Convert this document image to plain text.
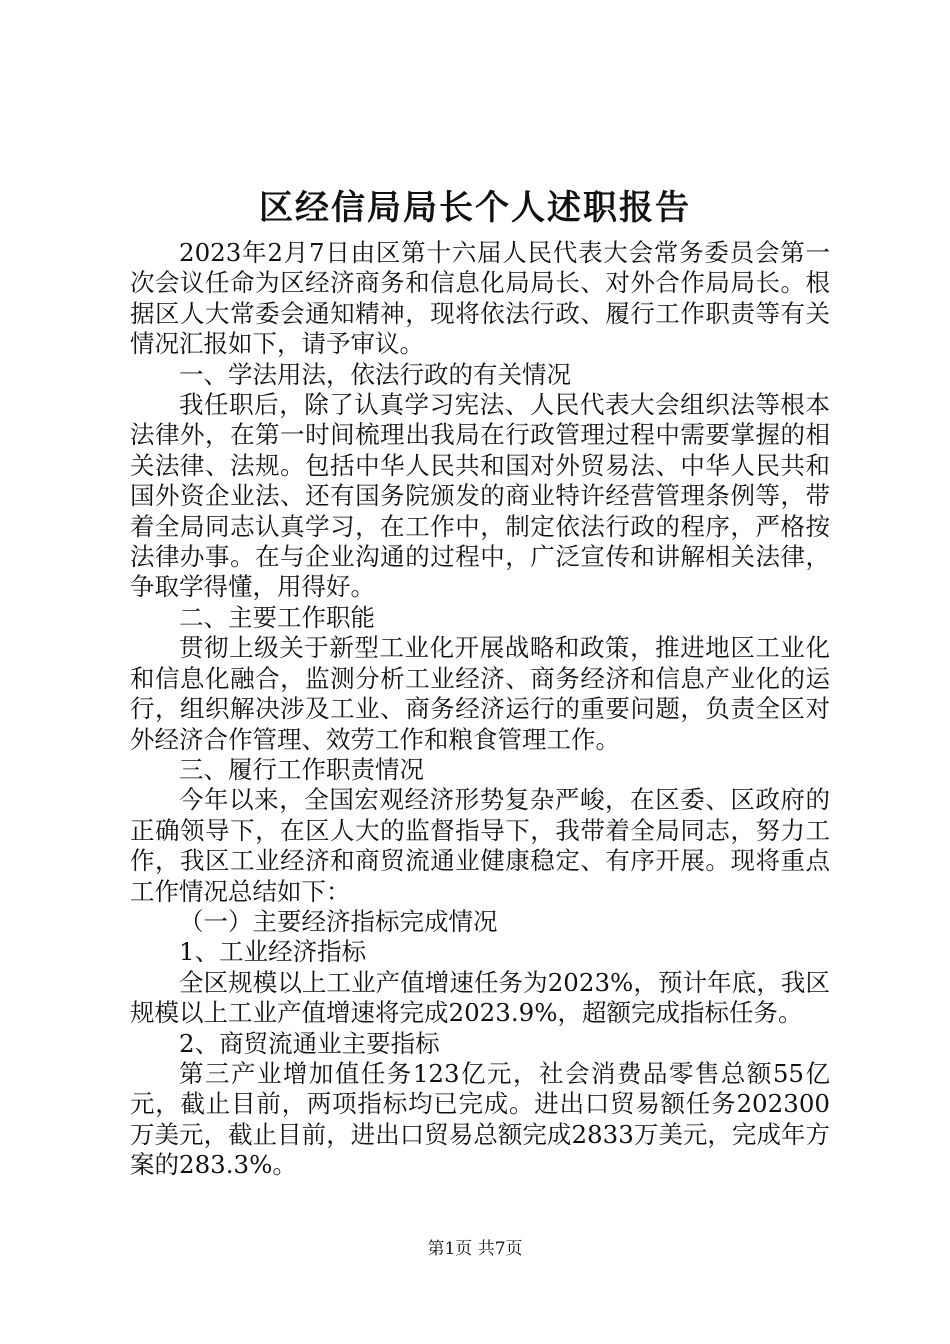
区经信局局长个人述职报告

2023年2月7日由区第十六届人民代表大会常务委员会第一次会议任命为区经济商务和信息化局局长、对外合作局局长。根据区人大常委会通知精神，现将依法行政、履行工作职责等有关情况汇报如下，请予审议。

一、学法用法，依法行政的有关情况

我任职后，除了认真学习宪法、人民代表大会组织法等根本法律外，在第一时间梳理出我局在行政管理过程中需要掌握的相关法律、法规。包括中华人民共和国对外贸易法、中华人民共和国外资企业法、还有国务院颁发的商业特许经营管理条例等，带着全局同志认真学习，在工作中，制定依法行政的程序，严格按法律办事。在与企业沟通的过程中，广泛宣传和讲解相关法律，争取学得懂，用得好。

二、主要工作职能

贯彻上级关于新型工业化开展战略和政策，推进地区工业化和信息化融合，监测分析工业经济、商务经济和信息产业化的运行，组织解决涉及工业、商务经济运行的重要问题，负责全区对外经济合作管理、效劳工作和粮食管理工作。

三、履行工作职责情况

今年以来，全国宏观经济形势复杂严峻，在区委、区政府的正确领导下，在区人大的监督指导下，我带着全局同志，努力工作，我区工业经济和商贸流通业健康稳定、有序开展。现将重点工作情况总结如下：

（一）主要经济指标完成情况

1、工业经济指标

全区规模以上工业产值增速任务为2023%，预计年底，我区规模以上工业产值增速将完成2023.9%，超额完成指标任务。

2、商贸流通业主要指标

第三产业增加值任务123亿元，社会消费品零售总额55亿元，截止目前，两项指标均已完成。进出口贸易额任务202300万美元，截止目前，进出口贸易总额完成2833万美元，完成年方案的283.3%。

第1页 共7页
